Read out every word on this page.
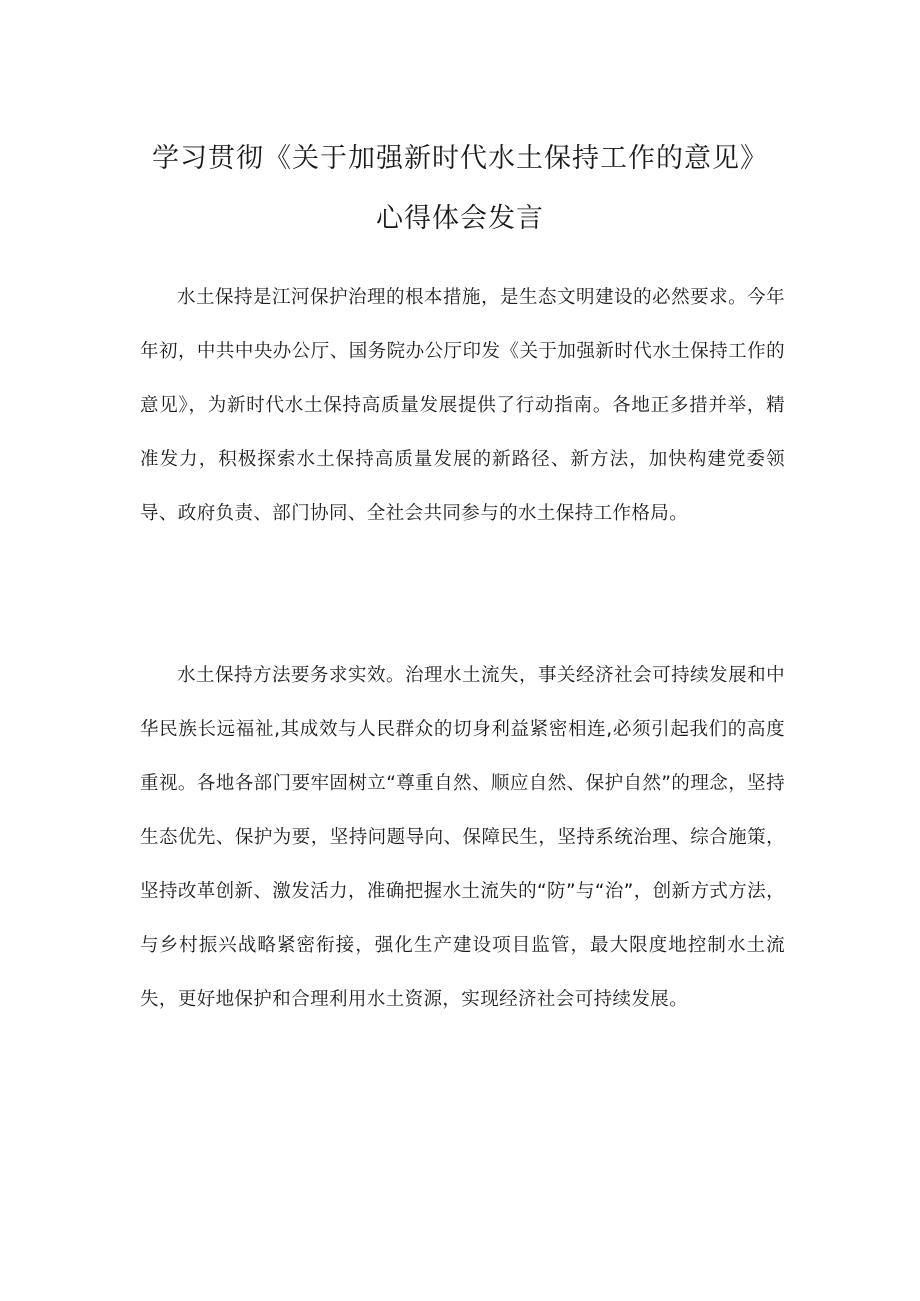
学习贯彻《关于加强新时代水土保持工作的意见》
心得体会发言

水土保持是江河保护治理的根本措施，是生态文明建设的必然要求。今年年初，中共中央办公厅、国务院办公厅印发《关于加强新时代水土保持工作的意见》，为新时代水土保持高质量发展提供了行动指南。各地正多措并举，精准发力，积极探索水土保持高质量发展的新路径、新方法，加快构建党委领导、政府负责、部门协同、全社会共同参与的水土保持工作格局。

水土保持方法要务求实效。治理水土流失，事关经济社会可持续发展和中华民族长远福祉,其成效与人民群众的切身利益紧密相连,必须引起我们的高度重视。各地各部门要牢固树立“尊重自然、顺应自然、保护自然”的理念，坚持生态优先、保护为要，坚持问题导向、保障民生，坚持系统治理、综合施策，坚持改革创新、激发活力，准确把握水土流失的“防”与“治”，创新方式方法，与乡村振兴战略紧密衔接，强化生产建设项目监管，最大限度地控制水土流失，更好地保护和合理利用水土资源，实现经济社会可持续发展。
